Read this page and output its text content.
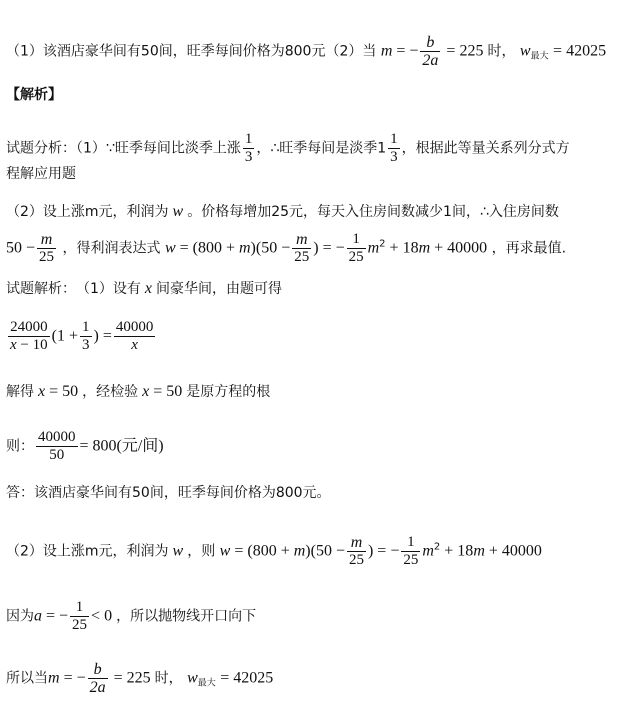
（1）该酒店豪华间有50间，旺季每间价格为800元（2）当 m = − $\frac{b}{2a} = 225$ 时， $w_{最大} = 42025$
【解析】
试题分析：（1）∵旺季每间比淡季上涨 $\frac{1}{3}$ ，∴旺季每间是淡季$1 \frac{1}{3}$ ，根据此等量关系列分式方
程解应用题
（2）设上涨m元，利润为 w 。价格每增加25元，每天入住房间数减少1间，∴入住房间数
$50 - \frac{m}{25}$ ，得利润表达式 $w = (800 + m)(50 - \frac{m}{25}$ ) = − $\frac{1}{25} m^2 + 18m + 40000$ ，再求最值.
试题解析：　（1）设有 x 间豪华间，由题可得
$\frac{24000}{x - 10} (1 + \frac{1}{3}$ ) = $\frac{40000}{x}$
解得 x = 50 ，经检验 x = 50 是原方程的根
则： $\frac{40000}{50} = 800$(元/间)
答：该酒店豪华间有50间，旺季每间价格为800元。
（2）设上涨m元，利润为 w ，则 $w = (800 + m)(50 - \frac{m}{25}$ ) = − $\frac{1}{25} m^2 + 18m + 40000$
因为a = − $\frac{1}{25} < 0$ ，所以抛物线开口向下
所以当m = − $\frac{b}{2a} = 225$ 时， $w_{最大} = 42025$
